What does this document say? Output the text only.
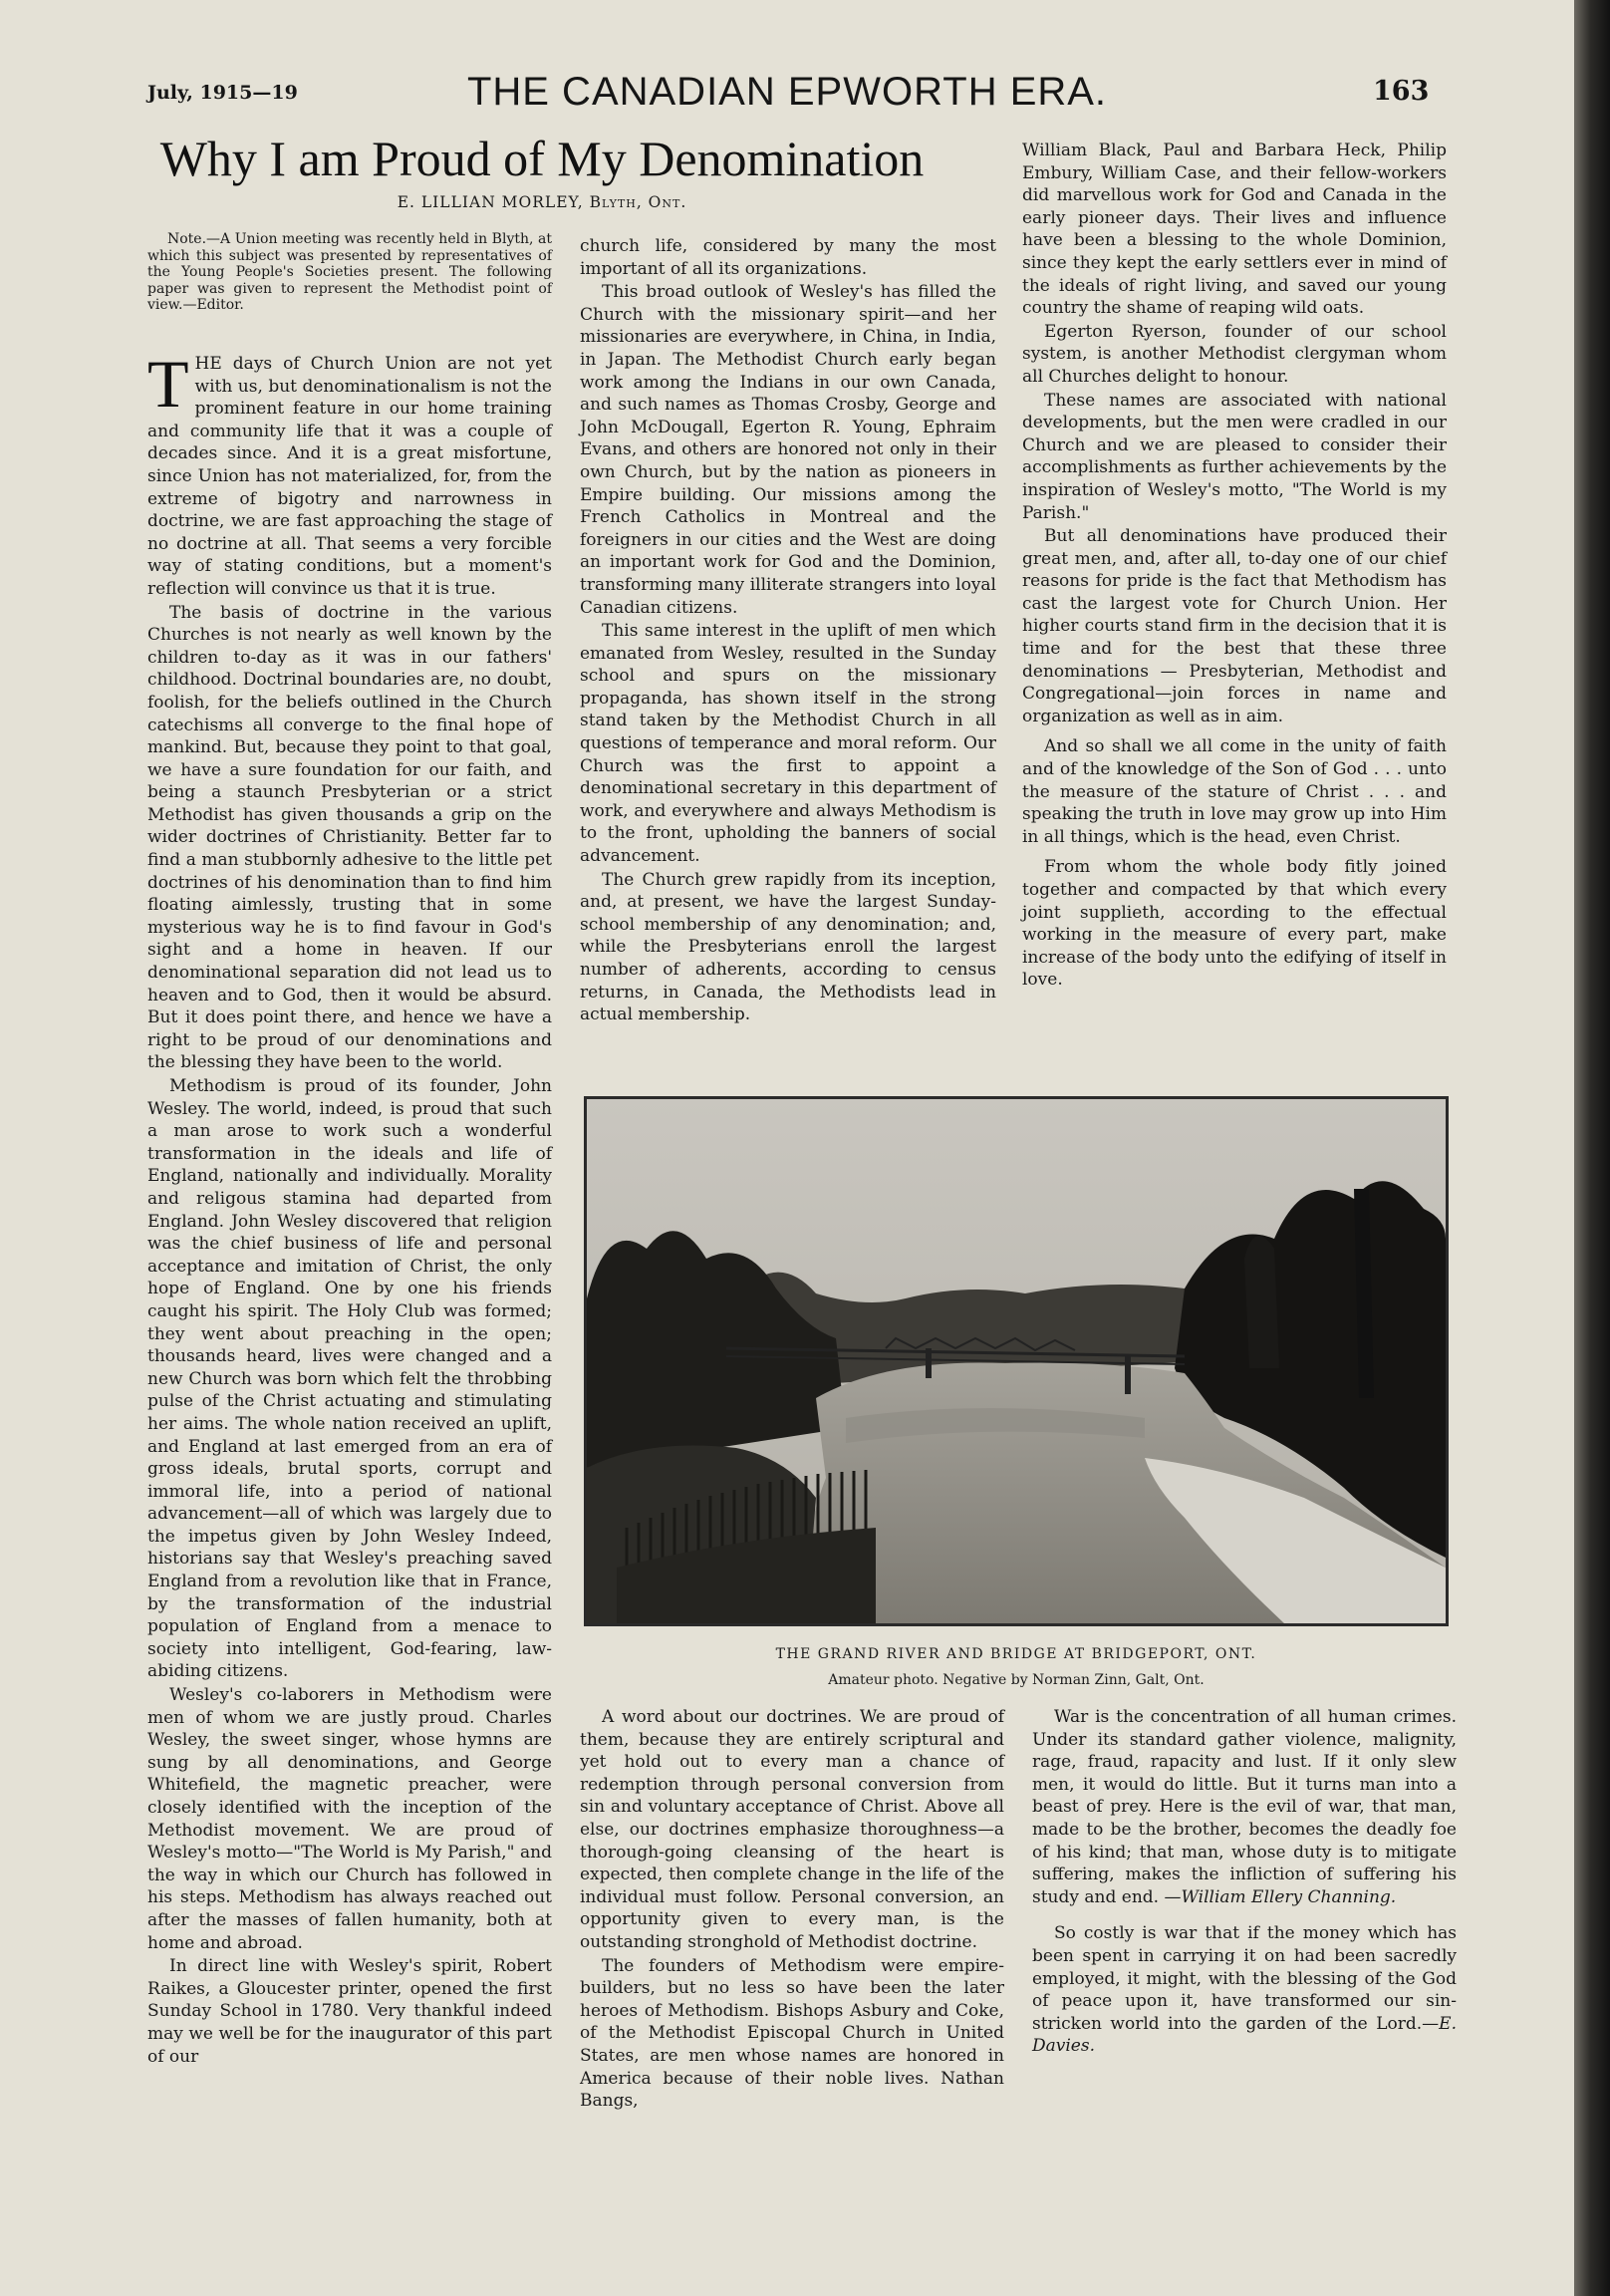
July, 1915—19	THE CANADIAN EPWORTH ERA.	163
Why I am Proud of My Denomination
E. LILLIAN MORLEY, Blyth, Ont.
Note.—A Union meeting was recently held in Blyth, at which this subject was presented by representatives of the Young People's Societies present. The following paper was given to represent the Methodist point of view.—Editor.

THE days of Church Union are not yet with us, but denominationalism is not the prominent feature in our home training and community life that it was a couple of decades since. And it is a great misfortune, since Union has not materialized, for, from the extreme of bigotry and narrowness in doctrine, we are fast approaching the stage of no doctrine at all. That seems a very forcible way of stating conditions, but a moment's reflection will convince us that it is true.

The basis of doctrine in the various Churches is not nearly as well known by the children to-day as it was in our fathers' childhood. Doctrinal boundaries are, no doubt, foolish, for the beliefs outlined in the Church catechisms all converge to the final hope of mankind. But, because they point to that goal, we have a sure foundation for our faith, and being a staunch Presbyterian or a strict Methodist has given thousands a grip on the wider doctrines of Christianity. Better far to find a man stubbornly adhesive to the little pet doctrines of his denomination than to find him floating aimlessly, trusting that in some mysterious way he is to find favour in God's sight and a home in heaven. If our denominational separation did not lead us to heaven and to God, then it would be absurd. But it does point there, and hence we have a right to be proud of our denominations and the blessing they have been to the world.

Methodism is proud of its founder, John Wesley. The world, indeed, is proud that such a man arose to work such a wonderful transformation in the ideals and life of England, nationally and individually. Morality and religous stamina had departed from England. John Wesley discovered that religion was the chief business of life and personal acceptance and imitation of Christ, the only hope of England. One by one his friends caught his spirit. The Holy Club was formed; they went about preaching in the open; thousands heard, lives were changed and a new Church was born which felt the throbbing pulse of the Christ actuating and stimulating her aims. The whole nation received an uplift, and England at last emerged from an era of gross ideals, brutal sports, corrupt and immoral life, into a period of national advancement—all of which was largely due to the impetus given by John Wesley Indeed, historians say that Wesley's preaching saved England from a revolution like that in France, by the transformation of the industrial population of England from a menace to society into intelligent, God-fearing, law-abiding citizens.

Wesley's co-laborers in Methodism were men of whom we are justly proud. Charles Wesley, the sweet singer, whose hymns are sung by all denominations, and George Whitefield, the magnetic preacher, were closely identified with the inception of the Methodist movement. We are proud of Wesley's motto—"The World is My Parish," and the way in which our Church has followed in his steps. Methodism has always reached out after the masses of fallen humanity, both at home and abroad.

In direct line with Wesley's spirit, Robert Raikes, a Gloucester printer, opened the first Sunday School in 1780. Very thankful indeed may we well be for the inaugurator of this part of our

church life, considered by many the most important of all its organizations.

This broad outlook of Wesley's has filled the Church with the missionary spirit—and her missionaries are everywhere, in China, in India, in Japan. The Methodist Church early began work among the Indians in our own Canada, and such names as Thomas Crosby, George and John McDougall, Egerton R. Young, Ephraim Evans, and others are honored not only in their own Church, but by the nation as pioneers in Empire building. Our missions among the French Catholics in Montreal and the foreigners in our cities and the West are doing an important work for God and the Dominion, transforming many illiterate strangers into loyal Canadian citizens.

This same interest in the uplift of men which emanated from Wesley, resulted in the Sunday school and spurs on the missionary propaganda, has shown itself in the strong stand taken by the Methodist Church in all questions of temperance and moral reform. Our Church was the first to appoint a denominational secretary in this department of work, and everywhere and always Methodism is to the front, upholding the banners of social advancement.

The Church grew rapidly from its inception, and, at present, we have the largest Sunday-school membership of any denomination; and, while the Presbyterians enroll the largest number of adherents, according to census returns, in Canada, the Methodists lead in actual membership.

William Black, Paul and Barbara Heck, Philip Embury, William Case, and their fellow-workers did marvellous work for God and Canada in the early pioneer days. Their lives and influence have been a blessing to the whole Dominion, since they kept the early settlers ever in mind of the ideals of right living, and saved our young country the shame of reaping wild oats.

Egerton Ryerson, founder of our school system, is another Methodist clergyman whom all Churches delight to honour.

These names are associated with national developments, but the men were cradled in our Church and we are pleased to consider their accomplishments as further achievements by the inspiration of Wesley's motto, "The World is my Parish."

But all denominations have produced their great men, and, after all, to-day one of our chief reasons for pride is the fact that Methodism has cast the largest vote for Church Union. Her higher courts stand firm in the decision that it is time and for the best that these three denominations — Presbyterian, Methodist and Congregational—join forces in name and organization as well as in aim.

And so shall we all come in the unity of faith and of the knowledge of the Son of God . . . unto the measure of the stature of Christ . . . and speaking the truth in love may grow up into Him in all things, which is the head, even Christ.

From whom the whole body fitly joined together and compacted by that which every joint supplieth, according to the effectual working in the measure of every part, make increase of the body unto the edifying of itself in love.

THE GRAND RIVER AND BRIDGE AT BRIDGEPORT, ONT.
Amateur photo. Negative by Norman Zinn, Galt, Ont.

A word about our doctrines. We are proud of them, because they are entirely scriptural and yet hold out to every man a chance of redemption through personal conversion from sin and voluntary acceptance of Christ. Above all else, our doctrines emphasize thoroughness—a thorough-going cleansing of the heart is expected, then complete change in the life of the individual must follow. Personal conversion, an opportunity given to every man, is the outstanding stronghold of Methodist doctrine.

The founders of Methodism were empire-builders, but no less so have been the later heroes of Methodism. Bishops Asbury and Coke, of the Methodist Episcopal Church in United States, are men whose names are honored in America because of their noble lives. Nathan Bangs,

War is the concentration of all human crimes. Under its standard gather violence, malignity, rage, fraud, rapacity and lust. If it only slew men, it would do little. But it turns man into a beast of prey. Here is the evil of war, that man, made to be the brother, becomes the deadly foe of his kind; that man, whose duty is to mitigate suffering, makes the infliction of suffering his study and end. —William Ellery Channing.

So costly is war that if the money which has been spent in carrying it on had been sacredly employed, it might, with the blessing of the God of peace upon it, have transformed our sin-stricken world into the garden of the Lord.—E. Davies.
